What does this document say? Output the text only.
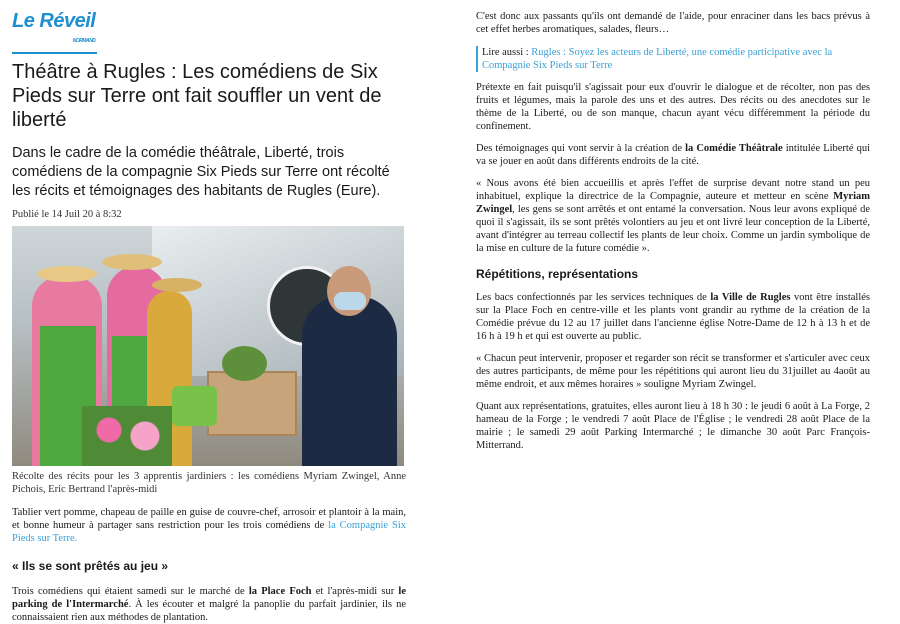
Le Réveil
NORMAND
Théâtre à Rugles : Les comédiens de Six Pieds sur Terre ont fait souffler un vent de liberté

Dans le cadre de la comédie théâtrale, Liberté, trois comédiens de la compagnie Six Pieds sur Terre ont récolté les récits et témoignages des habitants de Rugles (Eure).

Publié le 14 Juil 20 à 8:32

Récolte des récits pour les 3 apprentis jardiniers : les comédiens Myriam Zwingel, Anne Pichois, Eric Bertrand l'après-midi

Tablier vert pomme, chapeau de paille en guise de couvre-chef, arrosoir et plantoir à la main, et bonne humeur à partager sans restriction pour les trois comédiens de la Compagnie Six Pieds sur Terre.

« Ils se sont prêtés au jeu »

Trois comédiens qui étaient samedi sur le marché de la Place Foch et l'après-midi sur le parking de l'Intermarché. À les écouter et malgré la panoplie du parfait jardinier, ils ne connaissaient rien aux méthodes de plantation.

C'est donc aux passants qu'ils ont demandé de l'aide, pour enraciner dans les bacs prévus à cet effet herbes aromatiques, salades, fleurs…

Lire aussi : Rugles : Soyez les acteurs de Liberté, une comédie participative avec la Compagnie Six Pieds sur Terre

Prétexte en fait puisqu'il s'agissait pour eux d'ouvrir le dialogue et de récolter, non pas des fruits et légumes, mais la parole des uns et des autres. Des récits ou des anecdotes sur le thème de la Liberté, ou de son manque, chacun ayant vécu différemment la période du confinement.

Des témoignages qui vont servir à la création de la Comédie Théâtrale intitulée Liberté qui va se jouer en août dans différents endroits de la cité.

« Nous avons été bien accueillis et après l'effet de surprise devant notre stand un peu inhabituel, explique la directrice de la Compagnie, auteure et metteur en scène Myriam Zwingel, les gens se sont arrêtés et ont entamé la conversation. Nous leur avons expliqué de quoi il s'agissait, ils se sont prêtés volontiers au jeu et ont livré leur conception de la Liberté, avant d'intégrer au terreau collectif les plants de leur choix. Comme un jardin symbolique de la mise en culture de la future comédie ».

Répétitions, représentations

Les bacs confectionnés par les services techniques de la Ville de Rugles vont être installés sur la Place Foch en centre-ville et les plants vont grandir au rythme de la création de la Comédie prévue du 12 au 17 juillet dans l'ancienne église Notre-Dame de 12 h à 13 h et de 16 h à 19 h et qui est ouverte au public.

« Chacun peut intervenir, proposer et regarder son récit se transformer et s'articuler avec ceux des autres participants, de même pour les répétitions qui auront lieu du 31juillet au 4août au même endroit, et aux mêmes horaires » souligne Myriam Zwingel.

Quant aux représentations, gratuites, elles auront lieu à 18 h 30 : le jeudi 6 août à La Forge, 2 hameau de la Forge ; le vendredi 7 août Place de l'Église ; le vendredi 28 août Place de la mairie ; le samedi 29 août Parking Intermarché ; le dimanche 30 août Parc François-Mitterrand.
